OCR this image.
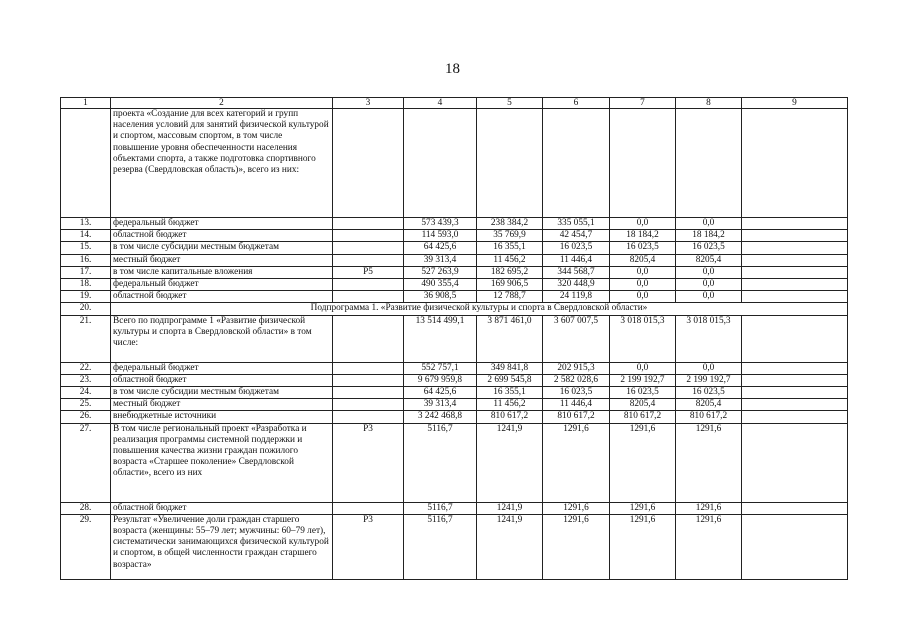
18
1	2	3	4	5	6	7	8	9
	проекта «Создание для всех категорий и групп населения условий для занятий физической культурой и спортом, массовым спортом, в том числе повышение уровня обеспеченности населения объектами спорта, а также подготовка спортивного резерва (Свердловская область)», всего из них:							
13.	федеральный бюджет		573 439,3	238 384,2	335 055,1	0,0	0,0	
14.	областной бюджет		114 593,0	35 769,9	42 454,7	18 184,2	18 184,2	
15.	в том числе субсидии местным бюджетам		64 425,6	16 355,1	16 023,5	16 023,5	16 023,5	
16.	местный бюджет		39 313,4	11 456,2	11 446,4	8205,4	8205,4	
17.	в том числе капитальные вложения	Р5	527 263,9	182 695,2	344 568,7	0,0	0,0	
18.	федеральный бюджет		490 355,4	169 906,5	320 448,9	0,0	0,0	
19.	областной бюджет		36 908,5	12 788,7	24 119,8	0,0	0,0	
20.	Подпрограмма 1. «Развитие физической культуры и спорта в Свердловской области»							
21.	Всего по подпрограмме 1 «Развитие физической культуры и спорта в Свердловской области» в том числе:		13 514 499,1	3 871 461,0	3 607 007,5	3 018 015,3	3 018 015,3	
22.	федеральный бюджет		552 757,1	349 841,8	202 915,3	0,0	0,0	
23.	областной бюджет		9 679 959,8	2 699 545,8	2 582 028,6	2 199 192,7	2 199 192,7	
24.	в том числе субсидии местным бюджетам		64 425,6	16 355,1	16 023,5	16 023,5	16 023,5	
25.	местный бюджет		39 313,4	11 456,2	11 446,4	8205,4	8205,4	
26.	внебюджетные источники		3 242 468,8	810 617,2	810 617,2	810 617,2	810 617,2	
27.	В том числе региональный проект «Разработка и реализация программы системной поддержки и повышения качества жизни граждан пожилого возраста «Старшее поколение» Свердловской области», всего из них	Р3	5116,7	1241,9	1291,6	1291,6	1291,6	
28.	областной бюджет		5116,7	1241,9	1291,6	1291,6	1291,6	
29.	Результат «Увеличение доли граждан старшего возраста (женщины: 55–79 лет; мужчины: 60–79 лет), систематически занимающихся физической культурой и спортом, в общей численности граждан старшего возраста»	Р3	5116,7	1241,9	1291,6	1291,6	1291,6	
